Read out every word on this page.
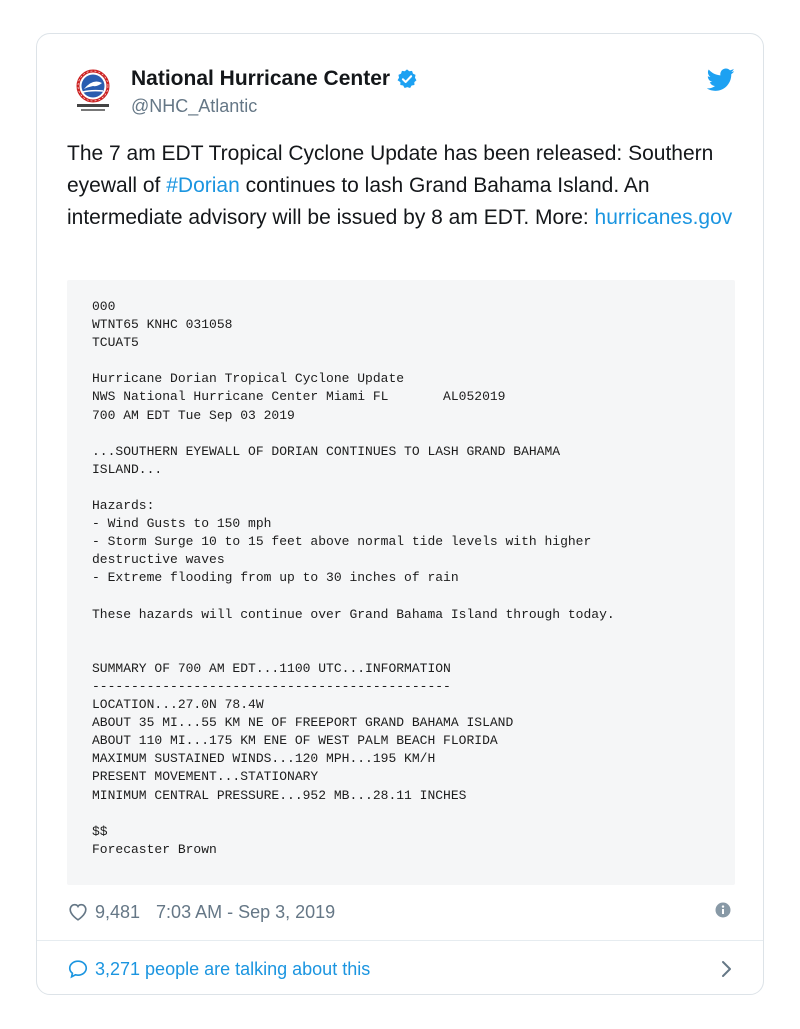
National Hurricane Center
@NHC_Atlantic
The 7 am EDT Tropical Cyclone Update has been released: Southern eyewall of #Dorian continues to lash Grand Bahama Island. An intermediate advisory will be issued by 8 am EDT. More: hurricanes.gov
000
WTNT65 KNHC 031058
TCUAT5

Hurricane Dorian Tropical Cyclone Update
NWS National Hurricane Center Miami FL       AL052019
700 AM EDT Tue Sep 03 2019

...SOUTHERN EYEWALL OF DORIAN CONTINUES TO LASH GRAND BAHAMA
ISLAND...

Hazards:
- Wind Gusts to 150 mph
- Storm Surge 10 to 15 feet above normal tide levels with higher
destructive waves
- Extreme flooding from up to 30 inches of rain

These hazards will continue over Grand Bahama Island through today.

SUMMARY OF 700 AM EDT...1100 UTC...INFORMATION
----------------------------------------------
LOCATION...27.0N 78.4W
ABOUT 35 MI...55 KM NE OF FREEPORT GRAND BAHAMA ISLAND
ABOUT 110 MI...175 KM ENE OF WEST PALM BEACH FLORIDA
MAXIMUM SUSTAINED WINDS...120 MPH...195 KM/H
PRESENT MOVEMENT...STATIONARY
MINIMUM CENTRAL PRESSURE...952 MB...28.11 INCHES

$$
Forecaster Brown

9,481 7:03 AM - Sep 3, 2019
3,271 people are talking about this
